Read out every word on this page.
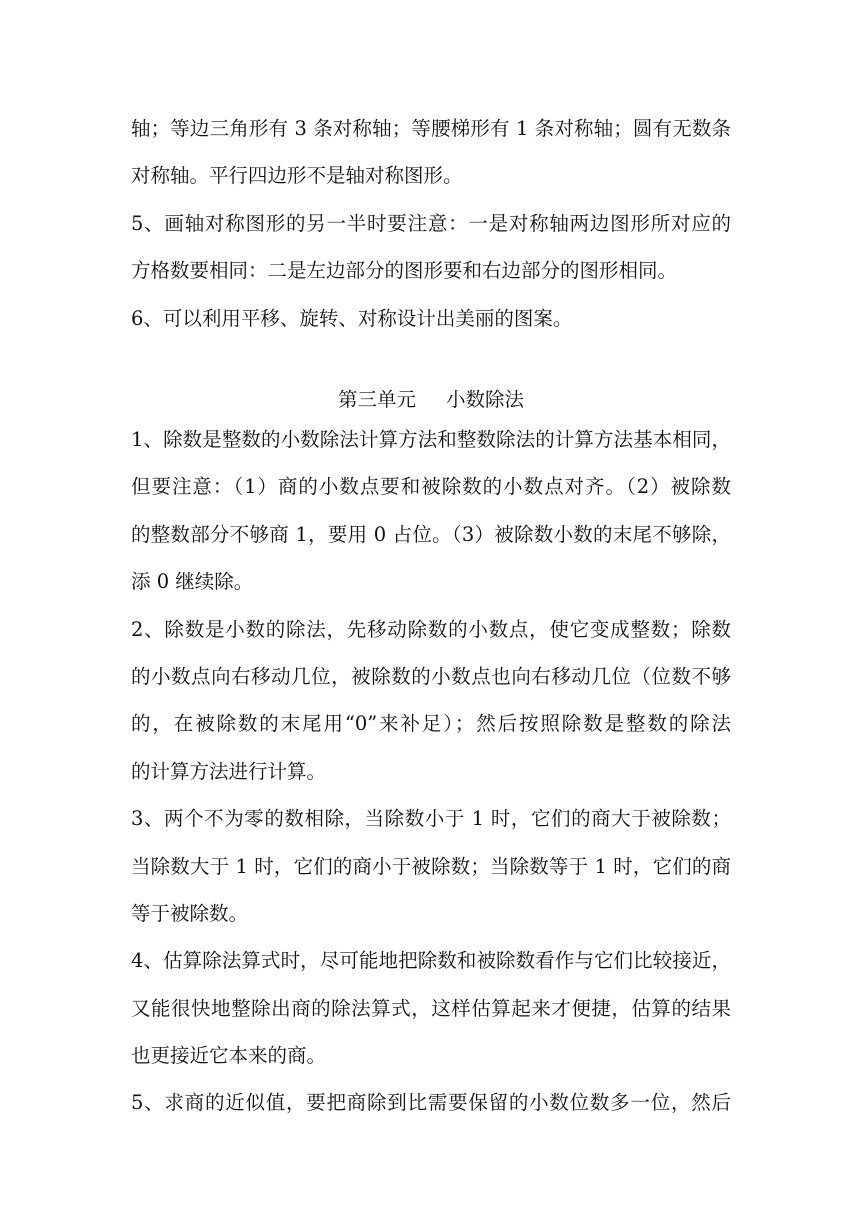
轴；等边三角形有 3 条对称轴；等腰梯形有 1 条对称轴；圆有无数条
对称轴。平行四边形不是轴对称图形。
5、画轴对称图形的另一半时要注意：一是对称轴两边图形所对应的
方格数要相同：二是左边部分的图形要和右边部分的图形相同。
6、可以利用平移、旋转、对称设计出美丽的图案。
第三单元 小数除法
1、除数是整数的小数除法计算方法和整数除法的计算方法基本相同，
但要注意：（1）商的小数点要和被除数的小数点对齐。（2）被除数
的整数部分不够商 1，要用 0 占位。（3）被除数小数的末尾不够除，
添 0 继续除。
2、除数是小数的除法，先移动除数的小数点，使它变成整数；除数
的小数点向右移动几位，被除数的小数点也向右移动几位（位数不够
的，在被除数的末尾用“0”来补足）；然后按照除数是整数的除法
的计算方法进行计算。
3、两个不为零的数相除，当除数小于 1 时，它们的商大于被除数；
当除数大于 1 时，它们的商小于被除数；当除数等于 1 时，它们的商
等于被除数。
4、估算除法算式时，尽可能地把除数和被除数看作与它们比较接近，
又能很快地整除出商的除法算式，这样估算起来才便捷，估算的结果
也更接近它本来的商。
5、求商的近似值，要把商除到比需要保留的小数位数多一位，然后
